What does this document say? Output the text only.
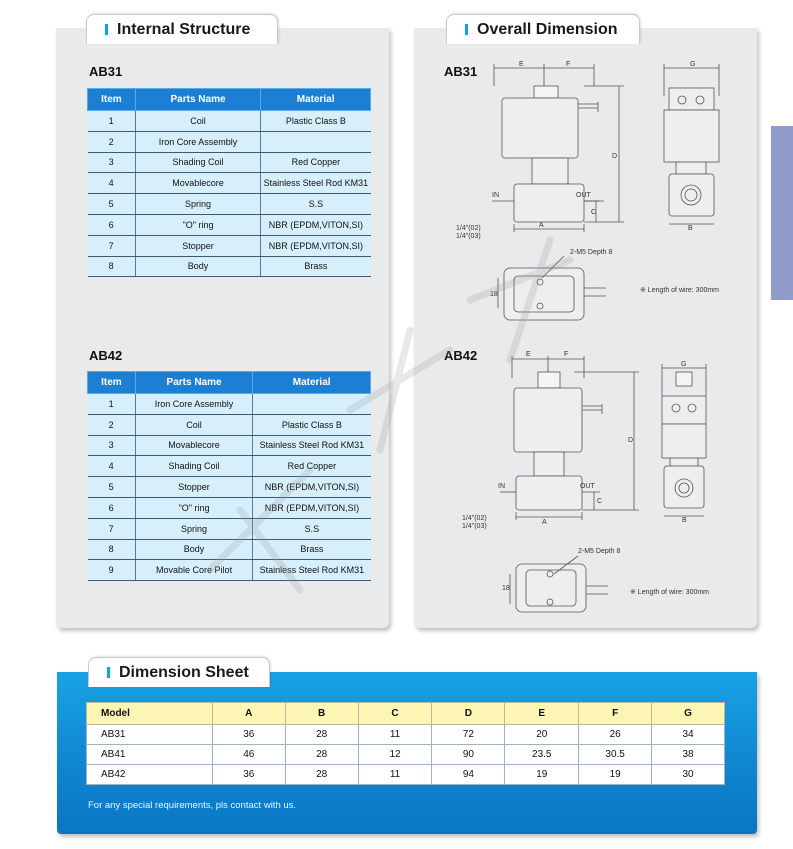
Internal Structure	Overall Dimension
AB31
Item	Parts Name	Material
1	Coil	Plastic Class B
2	Iron Core Assembly	
3	Shading Coil	Red Copper
4	Movablecore	Stainless Steel Rod KM31
5	Spring	S.S
6	"O" ring	NBR (EPDM,VITON,SI)
7	Stopper	NBR (EPDM,VITON,SI)
8	Body	Brass
AB42
Item	Parts Name	Material
1	Iron Core Assembly	
2	Coil	Plastic Class B
3	Movablecore	Stainless Steel Rod KM31
4	Shading Coil	Red Copper
5	Stopper	NBR (EPDM,VITON,SI)
6	"O" ring	NBR (EPDM,VITON,SI)
7	Spring	S.S
8	Body	Brass
9	Movable Core Pilot	Stainless Steel Rod KM31
AB31
AB42
E	F	G
D
C
IN	OUT
A	B
1/4"(02)
1/4"(03)
2-M5 Depth 8
18
※ Length of wire: 300mm
E	F
G
D
C
IN	OUT
A	B
1/4"(02)
1/4"(03)
2-M5 Depth 8
18
※ Length of wire: 300mm
Dimension Sheet
Model	A	B	C	D	E	F	G
AB31	36	28	11	72	20	26	34
AB41	46	28	12	90	23.5	30.5	38
AB42	36	28	11	94	19	19	30
For any special requirements, pls contact with us.
